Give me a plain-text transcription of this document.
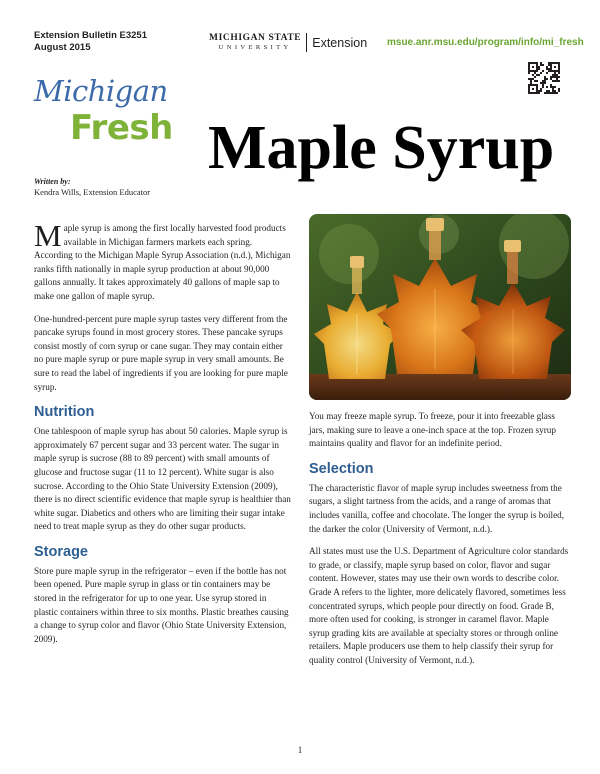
Extension Bulletin E3251
August 2015
MICHIGAN STATE
UNIVERSITY	Extension msue.anr.msu.edu/program/info/mi_fresh
Michigan
Fresh Maple Syrup
Written by:
Kendra Wills, Extension Educator

Maple syrup is among the first locally harvested food products available in Michigan farmers markets each spring. According to the Michigan Maple Syrup Association (n.d.), Michigan ranks fifth nationally in maple syrup production at about 90,000 gallons annually. It takes approximately 40 gallons of maple sap to make one gallon of maple syrup.

One-hundred-percent pure maple syrup tastes very different from the pancake syrups found in most grocery stores. These pancake syrups consist mostly of corn syrup or cane sugar. They may contain either no pure maple syrup or pure maple syrup in very small amounts. Be sure to read the label of ingredients if you are looking for pure maple syrup.

Nutrition

One tablespoon of maple syrup has about 50 calories. Maple syrup is approximately 67 percent sugar and 33 percent water. The sugar in maple syrup is sucrose (88 to 89 percent) with small amounts of glucose and fructose sugar (11 to 12 percent). White sugar is also sucrose. According to the Ohio State University Extension (2009), there is no direct scientific evidence that maple syrup is healthier than white sugar. Diabetics and others who are limiting their sugar intake need to treat maple syrup as they do other sugar products.

Storage

Store pure maple syrup in the refrigerator – even if the bottle has not been opened. Pure maple syrup in glass or tin containers may be stored in the refrigerator for up to one year. Use syrup stored in plastic containers within three to six months. Plastic breathes causing a change to syrup color and flavor (Ohio State University Extension, 2009).

You may freeze maple syrup. To freeze, pour it into freezable glass jars, making sure to leave a one-inch space at the top. Frozen syrup maintains quality and flavor for an indefinite period.

Selection

The characteristic flavor of maple syrup includes sweetness from the sugars, a slight tartness from the acids, and a range of aromas that includes vanilla, coffee and chocolate. The longer the syrup is boiled, the darker the color (University of Vermont, n.d.).

All states must use the U.S. Department of Agriculture color standards to grade, or classify, maple syrup based on color, flavor and sugar content. However, states may use their own words to describe color. Grade A refers to the lighter, more delicately flavored, sometimes less concentrated syrups, which people pour directly on food. Grade B, more often used for cooking, is stronger in caramel flavor. Maple syrup grading kits are available at specialty stores or through online retailers. Maple producers use them to help classify their syrup for quality control (University of Vermont, n.d.).

1
